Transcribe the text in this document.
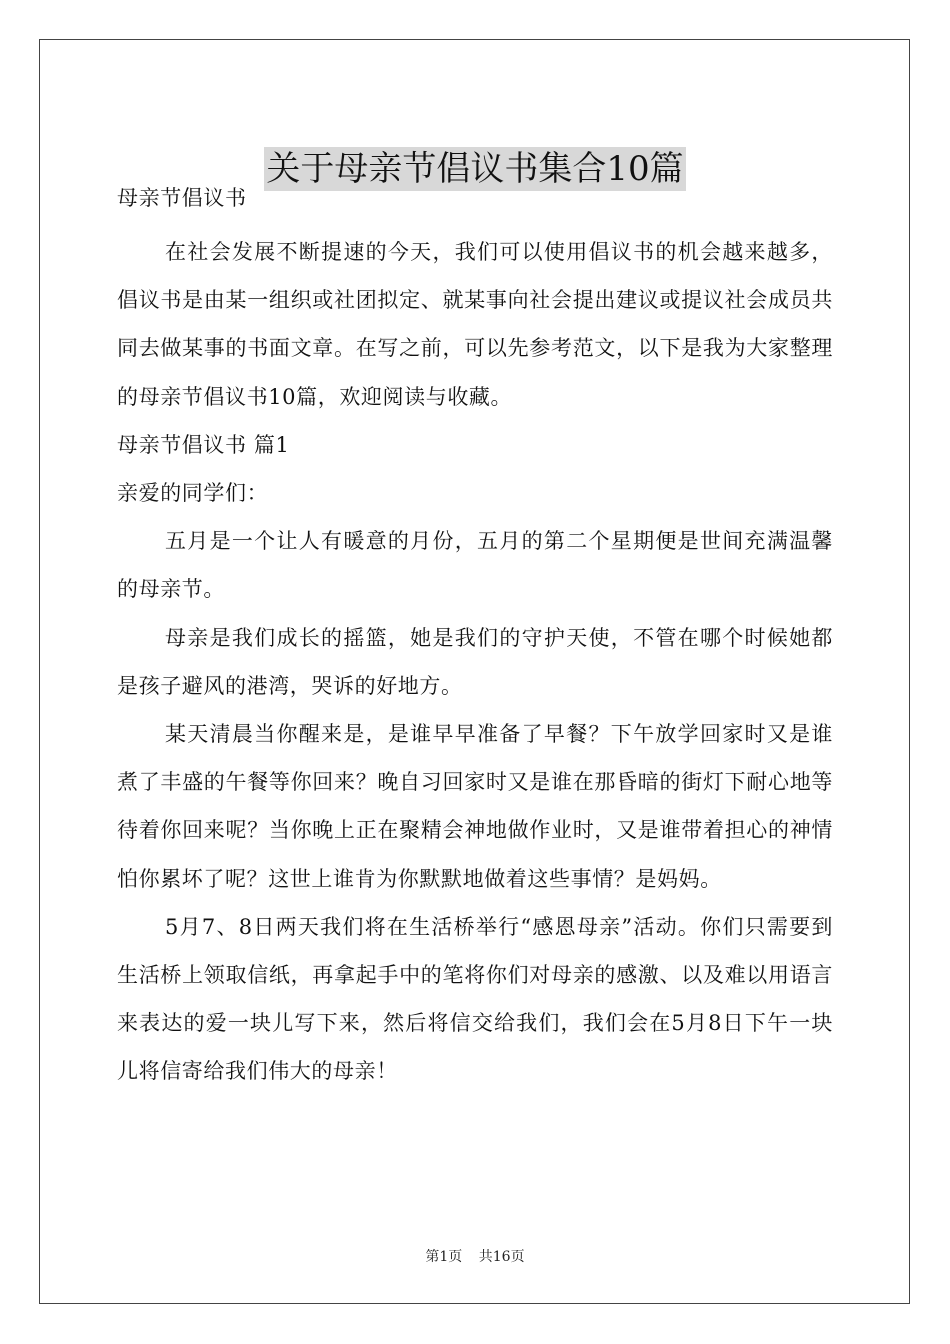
关于母亲节倡议书集合10篇

母亲节倡议书

在社会发展不断提速的今天，我们可以使用倡议书的机会越来越多，倡议书是由某一组织或社团拟定、就某事向社会提出建议或提议社会成员共同去做某事的书面文章。在写之前，可以先参考范文，以下是我为大家整理的母亲节倡议书10篇，欢迎阅读与收藏。

母亲节倡议书 篇1

亲爱的同学们：

五月是一个让人有暖意的月份，五月的第二个星期便是世间充满温馨的母亲节。

母亲是我们成长的摇篮，她是我们的守护天使，不管在哪个时候她都是孩子避风的港湾，哭诉的好地方。

某天清晨当你醒来是，是谁早早准备了早餐？下午放学回家时又是谁煮了丰盛的午餐等你回来？晚自习回家时又是谁在那昏暗的街灯下耐心地等待着你回来呢？当你晚上正在聚精会神地做作业时，又是谁带着担心的神情怕你累坏了呢？这世上谁肯为你默默地做着这些事情？是妈妈。

5月7、8日两天我们将在生活桥举行“感恩母亲”活动。你们只需要到生活桥上领取信纸，再拿起手中的笔将你们对母亲的感激、以及难以用语言来表达的爱一块儿写下来，然后将信交给我们，我们会在5月8日下午一块儿将信寄给我们伟大的母亲！

第1页 共16页
